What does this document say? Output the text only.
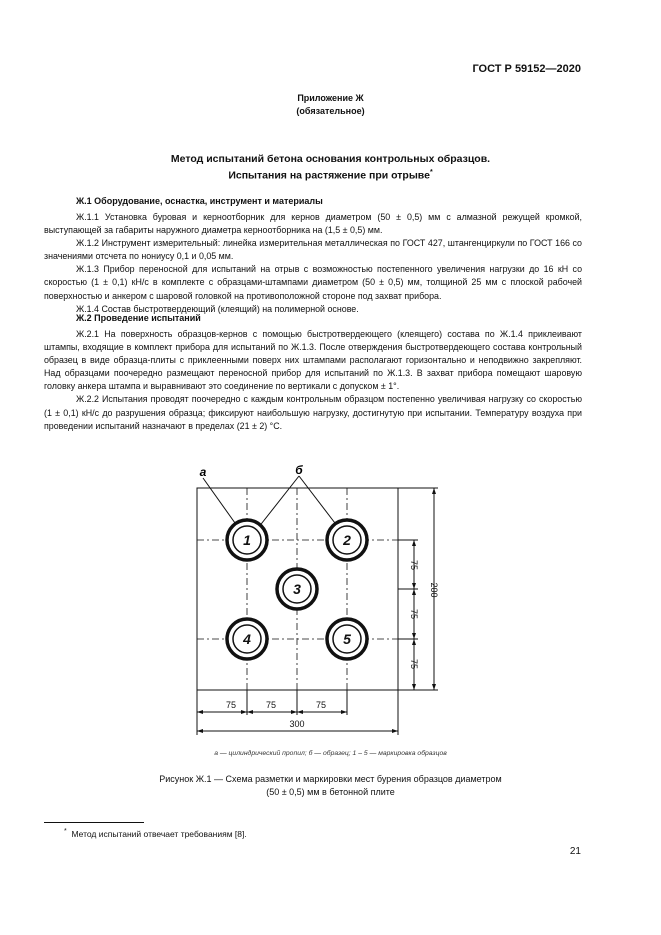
ГОСТ Р 59152—2020
Приложение Ж
(обязательное)
Метод испытаний бетона основания контрольных образцов.
Испытания на растяжение при отрыве*
Ж.1 Оборудование, оснастка, инструмент и материалы

Ж.1.1 Установка буровая и керноотборник для кернов диаметром (50 ± 0,5) мм с алмазной режущей кромкой, выступающей за габариты наружного диаметра керноотборника на (1,5 ± 0,5) мм.

Ж.1.2 Инструмент измерительный: линейка измерительная металлическая по ГОСТ 427, штангенциркули по ГОСТ 166 со значениями отсчета по нониусу 0,1 и 0,05 мм.

Ж.1.3 Прибор переносной для испытаний на отрыв с возможностью постепенного увеличения нагрузки до 16 кН со скоростью (1 ± 0,1) кН/с в комплекте с образцами-штампами диаметром (50 ± 0,5) мм, толщиной 25 мм с плоской рабочей поверхностью и анкером с шаровой головкой на противоположной стороне под захват прибора.

Ж.1.4 Состав быстротвердеющий (клеящий) на полимерной основе.

Ж.2 Проведение испытаний

Ж.2.1 На поверхность образцов-кернов с помощью быстротвердеющего (клеящего) состава по Ж.1.4 приклеивают штампы, входящие в комплект прибора для испытаний по Ж.1.3. После отверждения быстротвердеющего состава контрольный образец в виде образца-плиты с приклеенными поверх них штампами располагают горизонтально и неподвижно закрепляют. Над образцами поочередно размещают переносной прибор для испытаний по Ж.1.3. В захват прибора помещают шаровую головку анкера штампа и выравнивают это соединение по вертикали с допуском ± 1°.

Ж.2.2 Испытания проводят поочередно с каждым контрольным образцом постепенно увеличивая нагрузку со скоростью (1 ± 0,1) кН/с до разрушения образца; фиксируют наибольшую нагрузку, достигнутую при испытании. Температуру воздуха при проведении испытаний назначают в пределах (21 ± 2) °С.

1	2
3
4	5
75	75	75
300
75
75
75
200
а	б
а — цилиндрический пропил; б — образец; 1 – 5 — маркировка образцов
Рисунок Ж.1 — Схема разметки и маркировки мест бурения образцов диаметром
(50 ± 0,5) мм в бетонной плите
* Метод испытаний отвечает требованиям [8].
21
